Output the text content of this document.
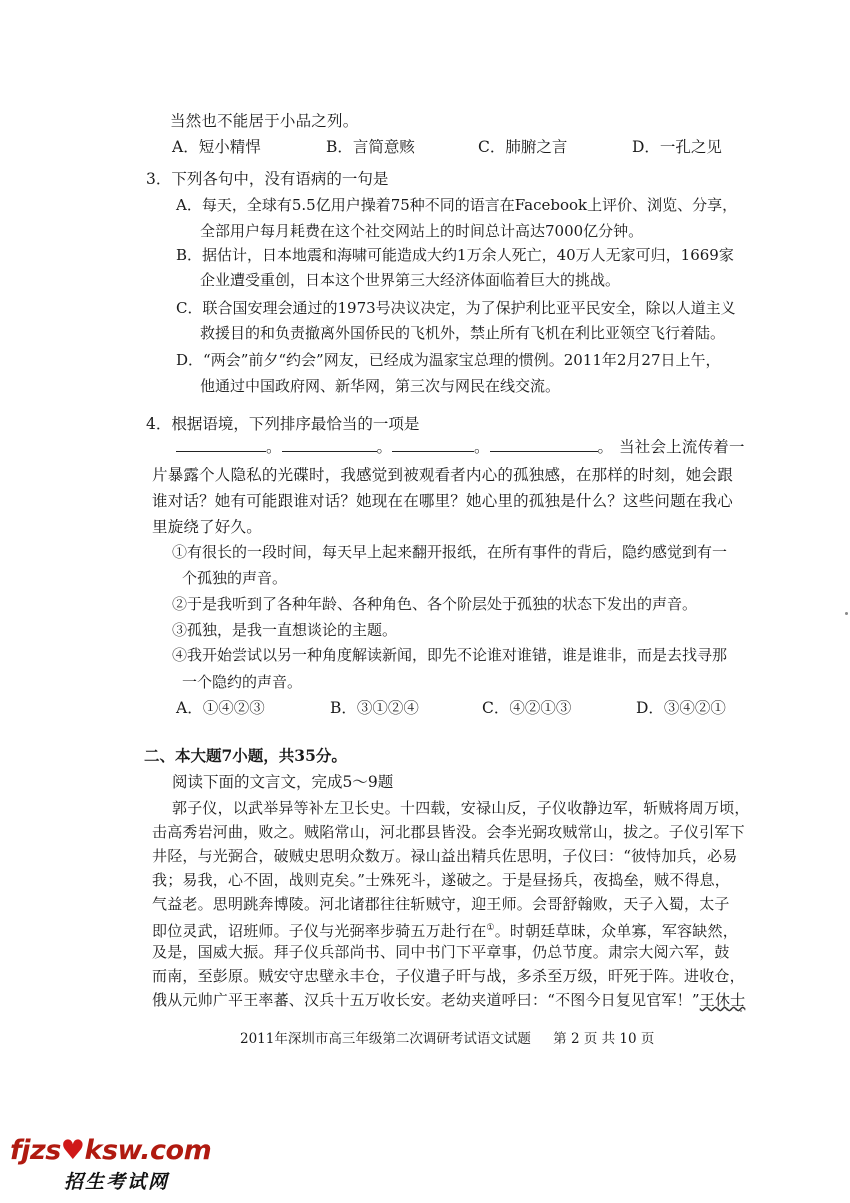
当然也不能居于小品之列。
A．短小精悍	B．言简意赅	C．肺腑之言	D．一孔之见
3．下列各句中，没有语病的一句是
A．每天，全球有5.5亿用户操着75种不同的语言在Facebook上评价、浏览、分享，
全部用户每月耗费在这个社交网站上的时间总计高达7000亿分钟。
B．据估计，日本地震和海啸可能造成大约1万余人死亡，40万人无家可归，1669家
企业遭受重创，日本这个世界第三大经济体面临着巨大的挑战。
C．联合国安理会通过的1973号决议决定，为了保护利比亚平民安全，除以人道主义
救援目的和负责撤离外国侨民的飞机外，禁止所有飞机在利比亚领空飞行着陆。
D．“两会”前夕“约会”网友，已经成为温家宝总理的惯例。2011年2月27日上午，
他通过中国政府网、新华网，第三次与网民在线交流。
4．根据语境，下列排序最恰当的一项是
。	。	。	。 当社会上流传着一
片暴露个人隐私的光碟时，我感觉到被观看者内心的孤独感，在那样的时刻，她会跟
谁对话？她有可能跟谁对话？她现在在哪里？她心里的孤独是什么？这些问题在我心
里旋绕了好久。
①有很长的一段时间，每天早上起来翻开报纸，在所有事件的背后，隐约感觉到有一
个孤独的声音。
②于是我听到了各种年龄、各种角色、各个阶层处于孤独的状态下发出的声音。
③孤独，是我一直想谈论的主题。
④我开始尝试以另一种角度解读新闻，即先不论谁对谁错，谁是谁非，而是去找寻那
一个隐约的声音。
A．①④②③	B．③①②④	C．④②①③	D．③④②①
二、本大题7小题，共35分。
阅读下面的文言文，完成5～9题
郭子仪，以武举异等补左卫长史。十四载，安禄山反，子仪收静边军，斩贼将周万顷，
击高秀岩河曲，败之。贼陷常山，河北郡县皆没。会李光弼攻贼常山，拔之。子仪引军下
井陉，与光弼合，破贼史思明众数万。禄山益出精兵佐思明，子仪曰：“彼恃加兵，必易
我；易我，心不固，战则克矣。”士殊死斗，遂破之。于是昼扬兵，夜捣垒，贼不得息，
气益老。思明跳奔博陵。河北诸郡往往斩贼守，迎王师。会哥舒翰败，天子入蜀，太子
即位灵武，诏班师。子仪与光弼率步骑五万赴行在①。时朝廷草昧，众单寡，军容缺然，
及是，国威大振。拜子仪兵部尚书、同中书门下平章事，仍总节度。肃宗大阅六军，鼓
而南，至彭原。贼安守忠壁永丰仓，子仪遣子旰与战，多杀至万级，旰死于阵。进收仓，
俄从元帅广平王率蕃、汉兵十五万收长安。老幼夹道呼曰：“不图今日复见官军！”王休士
2011年深圳市高三年级第二次调研考试语文试题 第 2 页 共 10 页
fjzs♥ksw.com
招生考试网
